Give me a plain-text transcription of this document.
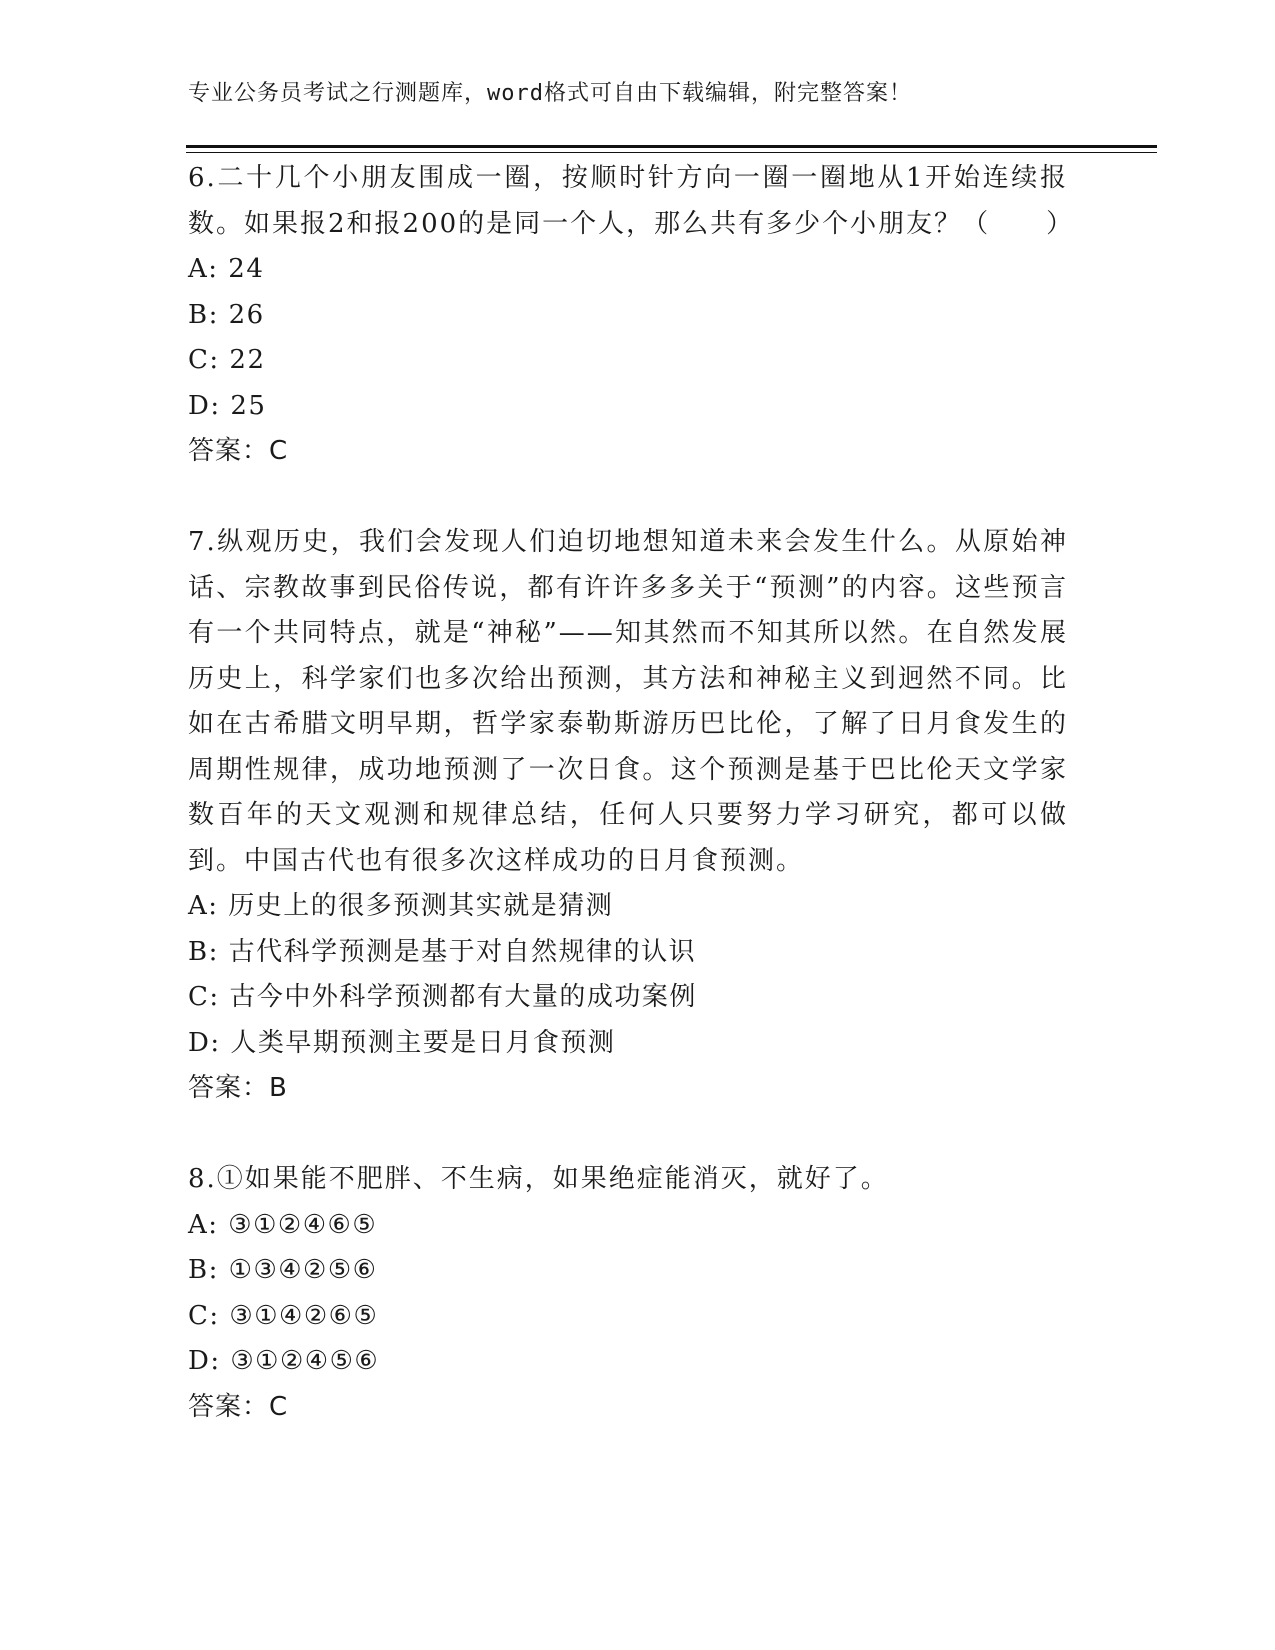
专业公务员考试之行测题库，word格式可自由下载编辑，附完整答案！

6.二十几个小朋友围成一圈，按顺时针方向一圈一圈地从1开始连续报数。如果报2和报200的是同一个人，那么共有多少个小朋友？（　　）

A: 24

B: 26

C: 22

D: 25

答案：C

7.纵观历史，我们会发现人们迫切地想知道未来会发生什么。从原始神话、宗教故事到民俗传说，都有许许多多关于“预测”的内容。这些预言有一个共同特点，就是“神秘”——知其然而不知其所以然。在自然发展历史上，科学家们也多次给出预测，其方法和神秘主义到迥然不同。比如在古希腊文明早期，哲学家泰勒斯游历巴比伦，了解了日月食发生的周期性规律，成功地预测了一次日食。这个预测是基于巴比伦天文学家数百年的天文观测和规律总结，任何人只要努力学习研究，都可以做到。中国古代也有很多次这样成功的日月食预测。

A: 历史上的很多预测其实就是猜测

B: 古代科学预测是基于对自然规律的认识

C: 古今中外科学预测都有大量的成功案例

D: 人类早期预测主要是日月食预测

答案：B

8.①如果能不肥胖、不生病，如果绝症能消灭，就好了。

A: ③①②④⑥⑤

B: ①③④②⑤⑥

C: ③①④②⑥⑤

D: ③①②④⑤⑥

答案：C
